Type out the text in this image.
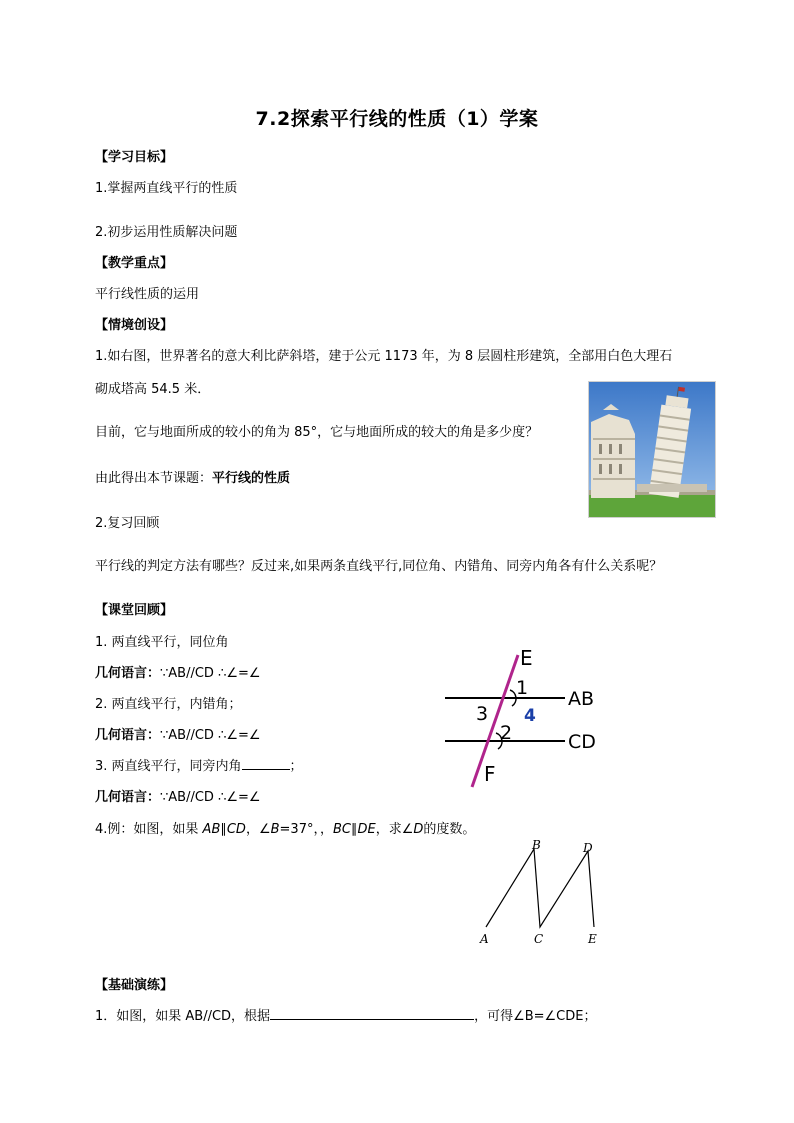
7.2探索平行线的性质（1）学案
【学习目标】
1.掌握两直线平行的性质
2.初步运用性质解决问题
【教学重点】
平行线性质的运用
【情境创设】
1.如右图，世界著名的意大利比萨斜塔，建于公元 1173 年，为 8 层圆柱形建筑，全部用白色大理石
砌成塔高 54.5 米．
目前，它与地面所成的较小的角为 85°，它与地面所成的较大的角是多少度？
由此得出本节课题：平行线的性质
2.复习回顾
平行线的判定方法有哪些？反过来,如果两条直线平行,同位角、内错角、同旁内角各有什么关系呢？
【课堂回顾】
1. 两直线平行，同位角
几何语言：∵AB//CD ∴∠=∠
2. 两直线平行，内错角；
几何语言：∵AB//CD ∴∠=∠
3. 两直线平行，同旁内角	；
几何语言：∵AB//CD ∴∠=∠
4.例：如图，如果 AB∥CD，∠B=37°，，BC∥DE，求∠D的度数。
E
F
AB
CD
1
2
3 4
A
B
C
D
E
【基础演练】
1．如图，如果 AB//CD，根据	，可得∠B=∠CDE；
